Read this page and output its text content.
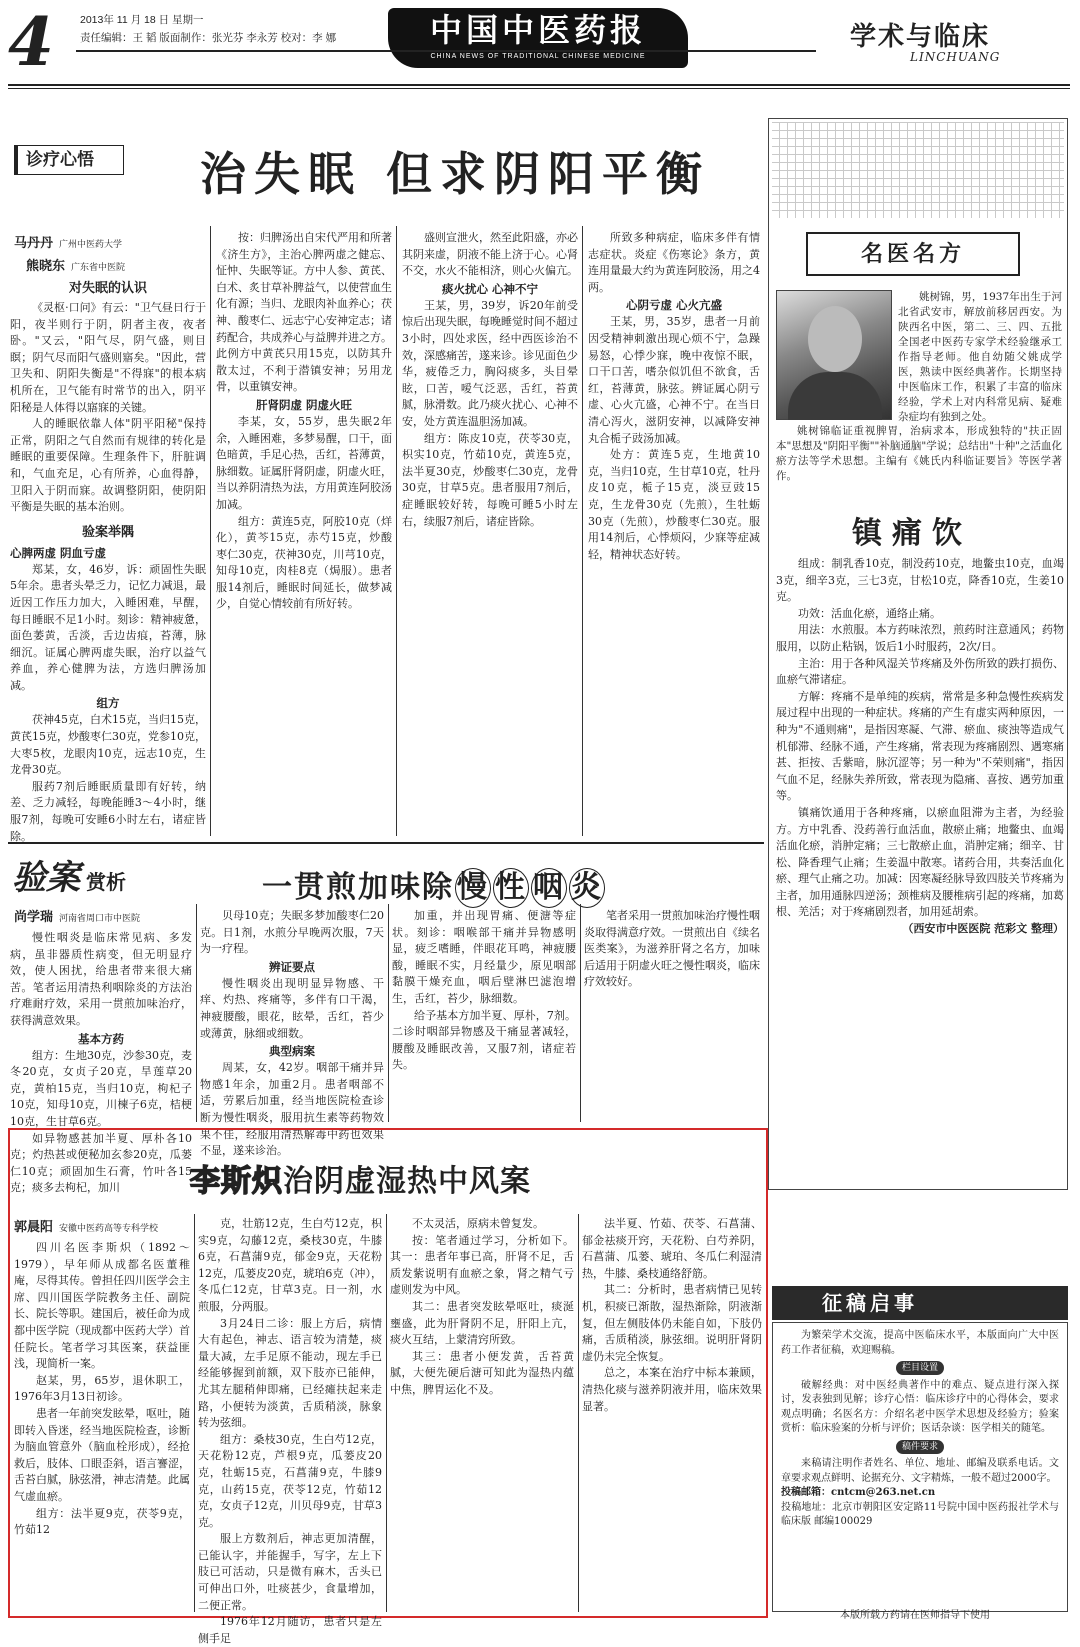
4	2013年 11 月 18 日 星期一
责任编辑：王 韬 版面制作：张光芬 李永芳 校对：李 娜	中国中医药报
CHINA NEWS OF TRADITIONAL CHINESE MEDICINE
学术与临床
LINCHUANG
诊疗心悟	治失眠 但求阴阳平衡
马丹丹 广州中医药大学
熊晓东 广东省中医院
对失眠的认识

《灵枢·口问》有云："卫气昼日行于阳，夜半则行于阴，阴者主夜，夜者卧。"又云，"阳气尽，阴气盛，则目瞑；阴气尽而阳气盛则寤矣。"因此，营卫失和、阴阳失衡是"不得寐"的根本病机所在，卫气能有时常节的出入，阴平阳秘是人体得以寤寐的关键。

人的睡眠依靠人体"阴平阳秘"保持正常，阴阳之气自然而有规律的转化是睡眠的重要保障。生理条件下，肝脏调和，气血充足，心有所养，心血得静，卫阳入于阴而寐。故调整阴阳，使阴阳平衡是失眠的基本治则。

验案举隅
心脾两虚 阴血亏虚

郑某，女，46岁，诉：顽固性失眠5年余。患者头晕乏力，记忆力减退，最近因工作压力加大，入睡困难，早醒，每日睡眠不足1小时。刻诊：精神疲惫，面色萎黄，舌淡，舌边齿痕，苔薄，脉细沉。证属心脾两虚失眠，治疗以益气养血，养心健脾为法，方选归脾汤加减。

组方

茯神45克，白术15克，当归15克，黄芪15克，炒酸枣仁30克，党参10克，大枣5枚，龙眼肉10克，远志10克，生龙骨30克。

服药7剂后睡眠质量即有好转，纳差、乏力减轻，每晚能睡3～4小时，继服7剂，每晚可安睡6小时左右，诸症皆除。

按：归脾汤出自宋代严用和所著《济生方》，主治心脾两虚之健忘、怔忡、失眠等证。方中人参、黄芪、白术、炙甘草补脾益气，以使营血生化有源；当归、龙眼肉补血养心；茯神、酸枣仁、远志宁心安神定志；诸药配合，共成养心与益脾并进之方。此例方中黄芪只用15克，以防其升散太过，不利于潜镇安神；另用龙骨，以重镇安神。

肝肾阴虚 阴虚火旺

李某，女，55岁，患失眠2年余，入睡困难，多梦易醒，口干，面色暗黄，手足心热，舌红，苔薄黄，脉细数。证属肝肾阴虚，阴虚火旺，当以养阴清热为法，方用黄连阿胶汤加减。

组方：黄连5克，阿胶10克（烊化），黄芩15克，赤芍15克，炒酸枣仁30克，茯神30克，川芎10克，知母10克，肉桂8克（焗服）。患者服14剂后，睡眠时间延长，做梦减少，自觉心情较前有所好转。

盛则宣泄火，然至此阳盛，亦必其阴来虚，阴液不能上济于心。心肾不交，水火不能相济，则心火偏亢。

痰火扰心 心神不宁

王某，男，39岁，诉20年前受惊后出现失眠，每晚睡觉时间不超过3小时，四处求医，经中西医诊治不效，深感痛苦，遂来诊。诊见面色少华，疲倦乏力，胸闷痰多，头目晕眩，口苦，嗳气泛恶，舌红，苔黄腻，脉滑数。此乃痰火扰心、心神不安，处方黄连温胆汤加减。

组方：陈皮10克，茯苓30克，枳实10克，竹茹10克，黄连5克，法半夏30克，炒酸枣仁30克，龙骨30克，甘草5克。患者服用7剂后，症睡眠较好转，每晚可睡5小时左右，续服7剂后，诸症皆除。

所致多种病症，临床多伴有情志症状。炎症《伤寒论》条方，黄连用量最大约为黄连阿胶汤，用之4两。

心阴亏虚 心火亢盛

王某，男，35岁，患者一月前因受精神刺激出现心烦不宁，急躁易怒，心悸少寐，晚中夜惊不眠，口干口苦，嗜杂似饥但不欲食，舌红，苔薄黄，脉弦。辨证属心阴亏虚、心火亢盛，心神不宁。在当日清心泻火，滋阴安神，以减降安神丸合栀子豉汤加减。

处方：黄连5克，生地黄10克，当归10克，生甘草10克，牡丹皮10克，栀子15克，淡豆豉15克，生龙骨30克（先煎），生牡蛎30克（先煎），炒酸枣仁30克。服用14剂后，心悸烦闷，少寐等症减轻，精神状态好转。

验案 赏析	一贯煎加味除 慢 性 咽 炎
尚学瑞 河南省周口市中医院

慢性咽炎是临床常见病、多发病，虽非器质性病变，但无明显疗效，使人困扰，给患者带来很大痛苦。笔者运用清热利咽除炎的方法治疗难耐疗效，采用一贯煎加味治疗，获得满意效果。

基本方药

组方：生地30克，沙参30克，麦冬20克，女贞子20克，旱莲草20克，黄柏15克，当归10克，枸杞子10克，知母10克，川楝子6克，桔梗10克，生甘草6克。

如异物感甚加半夏、厚朴各10克；灼热甚或便秘加玄参20克，瓜蒌仁10克；顽固加生石膏，竹叶各15克；痰多去枸杞，加川

贝母10克；失眠多梦加酸枣仁20克。日1剂，水煎分早晚两次服，7天为一疗程。

辨证要点

慢性咽炎出现明显异物感、干痒、灼热、疼痛等，多伴有口干渴，神疲腰酸，眼花，眩晕，舌红，苔少或薄黄，脉细或细数。

典型病案

周某，女，42岁。咽部干痛并异物感1年余，加重2月。患者咽部不适，劳累后加重，经当地医院检查诊断为慢性咽炎，服用抗生素等药物效果不佳，经服用清热解毒中药也效果不显，遂来诊治。

加重，并出现胃痛、便溏等症状。刻诊：咽喉部干痛并异物感明显，疲乏嗜睡，伴眼花耳鸣，神疲腰酸，睡眠不实，月经量少，原见咽部黏膜干燥充血，咽后壁淋巴滤泡增生，舌红，苔少，脉细数。

给予基本方加半夏、厚朴，7剂。二诊时咽部异物感及干痛显著减轻，腰酸及睡眠改善，又服7剂，诸症若失。

笔者采用一贯煎加味治疗慢性咽炎取得满意疗效。一贯煎出自《续名医类案》，为滋养肝肾之名方，加味后适用于阴虚火旺之慢性咽炎，临床疗效较好。

李斯炽治阴虚湿热中风案
郭晨阳 安徽中医药高等专科学校

四川名医李斯炽（1892～1979），早年师从成都名医董稚庵，尽得其传。曾担任四川医学会主席、四川国医学院教务主任、副院长、院长等职。建国后，被任命为成都中医学院（现成都中医药大学）首任院长。笔者学习其医案，获益匪浅，现简析一案。

赵某，男，65岁，退休职工，1976年3月13日初诊。

患者一年前突发眩晕，呕吐，随即转入昏迷，经当地医院检查，诊断为脑血管意外（脑血栓形成），经抢救后，肢体、口眼歪斜，语言謇涩，舌苔白腻，脉弦滑，神志清楚。此属气虚血瘀。

组方：法半夏9克，茯苓9克，竹茹12

克，壮筋12克，生白芍12克，枳实9克，勾藤12克，桑枝30克，牛膝6克，石菖蒲9克，郁金9克，天花粉12克，瓜蒌皮20克，琥珀6克（冲），冬瓜仁12克，甘草3克。日一剂，水煎服，分两服。

3月24日二诊：服上方后，病情大有起色，神志、语言较为清楚，痰量大减，左手足原不能动，现左手已经能够握到前额，双下肢亦已能伸，尤其左腿稍伸即痛，已经瘫扶起来走路，小便转为淡黄，舌质稍淡，脉象转为弦细。

组方：桑枝30克，生白芍12克，天花粉12克，芦根9克，瓜蒌皮20克，牡蛎15克，石菖蒲9克，牛膝9克，山药15克，茯苓12克，竹茹12克，女贞子12克，川贝母9克，甘草3克。

服上方数剂后，神志更加清醒，已能认字，并能握手，写字，左上下肢已可活动，只是微有麻木，舌头已可伸出口外，吐痰甚少，食量增加，二便正常。

1976年12月随访，患者只是左侧手足

不太灵活，原病未曾复发。

按：笔者通过学习，分析如下。其一：患者年事已高，肝肾不足，舌质发紫说明有血瘀之象，肾之精气亏虚则发为中风。

其二：患者突发眩晕呕吐，痰涎壅盛，此为肝肾阴不足，肝阳上亢，痰火互结，上蒙清窍所致。

其三：患者小便发黄，舌苔黄腻，大便先硬后溏可知此为湿热内蕴中焦，脾胃运化不及。

法半夏、竹茹、茯苓、石菖蒲、郁金祛痰开窍，天花粉、白芍养阴，石菖蒲、瓜蒌、琥珀、冬瓜仁利湿清热，牛膝、桑枝通络舒筋。

其二：分析时，患者病情已见转机，积痰已渐散，湿热渐除，阴液渐复，但左侧肢体仍未能自如，下肢仍痛，舌质稍淡，脉弦细。说明肝肾阴虚仍未完全恢复。

总之，本案在治疗中标本兼顾，清热化痰与滋养阴液并用，临床效果显著。

名医名方

姚树锦，男，1937年出生于河北省武安市，解放前移居西安。为陕西名中医，第二、三、四、五批全国老中医药专家学术经验继承工作指导老师。他自幼随父姚成学医，熟读中医经典著作。长期坚持中医临床工作，积累了丰富的临床经验，学术上对内科常见病、疑难杂症均有独到之处。

姚树锦临证重视脾胃，治病求本，形成独特的"扶正固本"思想及"阴阳平衡""补脑通脑"学说；总结出"十种"之活血化瘀方法等学术思想。主编有《姚氏内科临证要旨》等医学著作。

镇痛饮

组成：制乳香10克，制没药10克，地鳖虫10克，血竭3克，细辛3克，三七3克，甘松10克，降香10克，生姜10克。

功效：活血化瘀，通络止痛。

用法：水煎服。本方药味浓烈，煎药时注意通风；药物服用，以防止粘锅，饭后1小时服药，2次/日。

主治：用于各种风湿关节疼痛及外伤所致的跌打损伤、血瘀气滞诸症。

方解：疼痛不是单纯的疾病，常常是多种急慢性疾病发展过程中出现的一种症状。疼痛的产生有虚实两种原因，一种为"不通则痛"，是指因寒凝、气滞、瘀血、痰浊等造成气机郁滞、经脉不通，产生疼痛，常表现为疼痛剧烈、遇寒痛甚、拒按、舌紫暗，脉沉涩等；另一种为"不荣则痛"，指因气血不足，经脉失养所致，常表现为隐痛、喜按、遇劳加重等。

镇痛饮通用于各种疼痛，以瘀血阻滞为主者，为经验方。方中乳香、没药善行血活血，散瘀止痛；地鳖虫、血竭活血化瘀，消肿定痛；三七散瘀止血，消肿定痛；细辛、甘松、降香理气止痛；生姜温中散寒。诸药合用，共奏活血化瘀、理气止痛之功。加减：因寒凝经脉导致四肢关节疼痛为主者，加用通脉四逆汤；颈椎病及腰椎病引起的疼痛，加葛根、羌活；对于疼痛剧烈者，加用延胡索。

（西安市中医医院 范彩文 整理）
征稿启事

为繁荣学术交流，提高中医临床水平，本版面向广大中医药工作者征稿，欢迎赐稿。

栏目设置

破解经典：对中医经典著作中的难点、疑点进行深入探讨，发表独到见解；诊疗心悟：临床诊疗中的心得体会，要求观点明确；名医名方：介绍名老中医学术思想及经验方；验案赏析：临床验案的分析与评价；医话杂谈：医学相关的随笔。

稿件要求

来稿请注明作者姓名、单位、地址、邮编及联系电话。文章要求观点鲜明、论据充分、文字精炼，一般不超过2000字。

投稿邮箱：cntcm@263.net.cn
投稿地址：北京市朝阳区安定路11号院中国中医药报社学术与临床版 邮编100029
本版所载方药请在医师指导下使用
